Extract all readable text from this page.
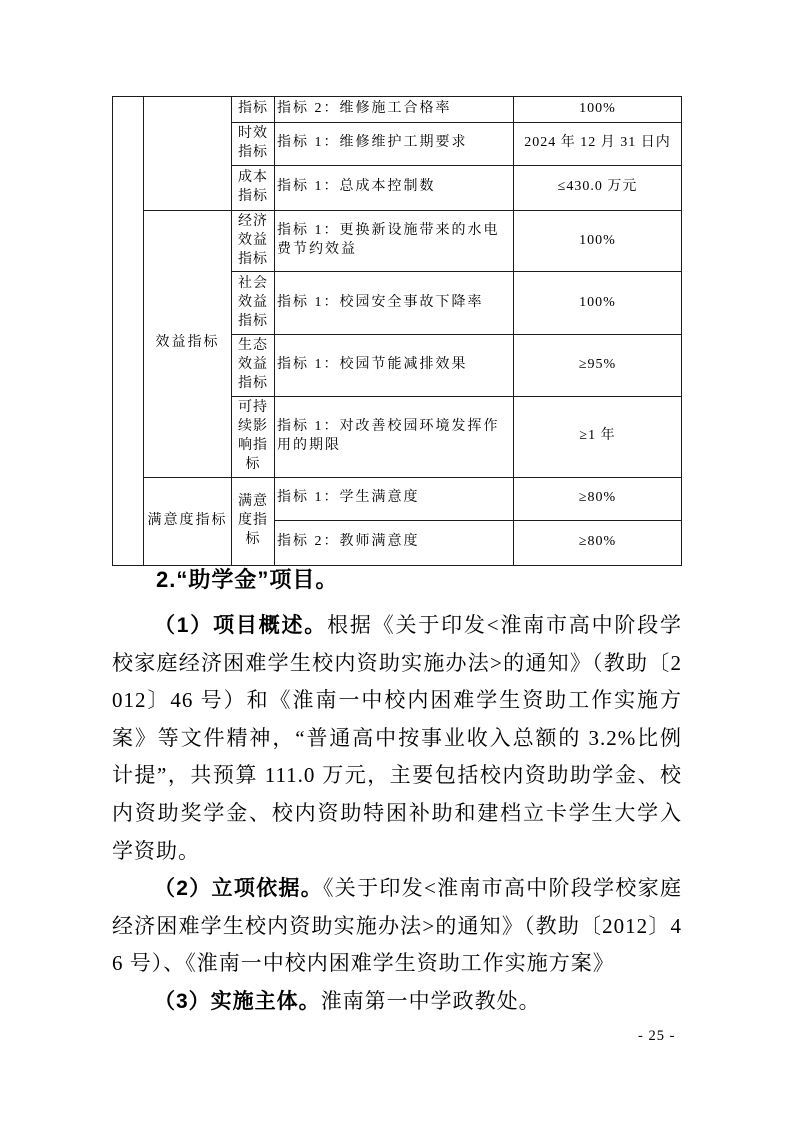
		指标	指标 2：维修施工合格率	100%
		时效指标	指标 1：维修维护工期要求	2024 年 12 月 31 日内
		成本指标	指标 1：总成本控制数	≤430.0 万元
	效益指标	经济效益指标	指标 1：更换新设施带来的水电费节约效益	100%
		社会效益指标	指标 1：校园安全事故下降率	100%
		生态效益指标	指标 1：校园节能减排效果	≥95%
		可持续影响指标	指标 1：对改善校园环境发挥作用的期限	≥1 年
	满意度指标	满意度指标	指标 1：学生满意度	≥80%
			指标 2：教师满意度	≥80%
2.“助学金”项目。

（1）项目概述。根据《关于印发<淮南市高中阶段学校家庭经济困难学生校内资助实施办法>的通知》（教助〔2012〕46 号）和《淮南一中校内困难学生资助工作实施方案》等文件精神，“普通高中按事业收入总额的 3.2%比例计提”，共预算 111.0 万元，主要包括校内资助助学金、校内资助奖学金、校内资助特困补助和建档立卡学生大学入学资助。

（2）立项依据。《关于印发<淮南市高中阶段学校家庭经济困难学生校内资助实施办法>的通知》（教助〔2012〕46 号）、《淮南一中校内困难学生资助工作实施方案》

（3）实施主体。淮南第一中学政教处。

- 25 -
